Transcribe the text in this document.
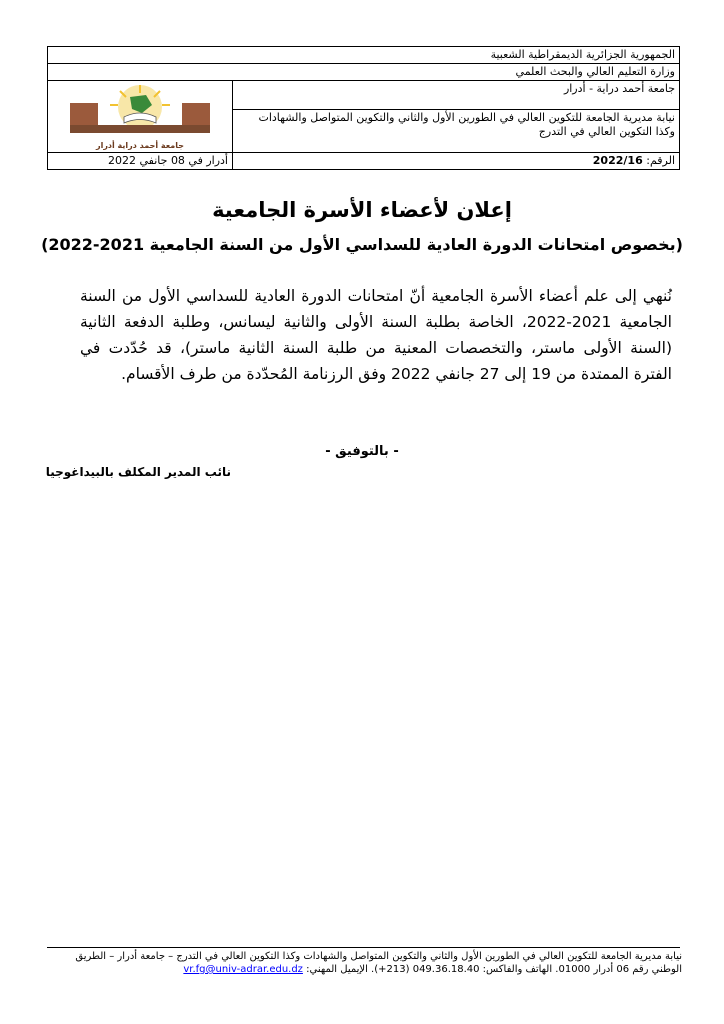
الجمهورية الجزائرية الديمقراطية الشعبية	
وزارة التعليم العالي والبحث العلمي	
جامعة أحمد دراية - أدرار	جامعة أحمد دراية أدرار

نيابة مديرية الجامعة للتكوين العالي في الطورين الأول والثاني والتكوين المتواصل والشهادات وكذا التكوين العالي في التدرج	
الرقم: 2022/16	أدرار في 08 جانفي 2022
إعلان لأعضاء الأسرة الجامعية
(بخصوص امتحانات الدورة العادية للسداسي الأول من السنة الجامعية 2021-2022)
نُنهي إلى علم أعضاء الأسرة الجامعية أنّ امتحانات الدورة العادية للسداسي الأول من السنة الجامعية 2021-2022، الخاصة بطلبة السنة الأولى والثانية ليسانس، وطلبة الدفعة الثانية (السنة الأولى ماستر، والتخصصات المعنية من طلبة السنة الثانية ماستر)، قد حُدّدت في الفترة الممتدة من 19 إلى 27 جانفي 2022 وفق الرزنامة المُحدّدة من طرف الأقسام.
- بالتوفيق -
نائب المدير المكلف بالبيداغوجيا
نيابة مديرية الجامعة للتكوين العالي في الطورين الأول والثاني والتكوين المتواصل والشهادات وكذا التكوين العالي في التدرج – جامعة أدرار – الطريق الوطني رقم 06 أدرار 01000. الهاتف والفاكس: 049.36.18.40 (213+). الإيميل المهني: vr.fg@univ-adrar.edu.dz
